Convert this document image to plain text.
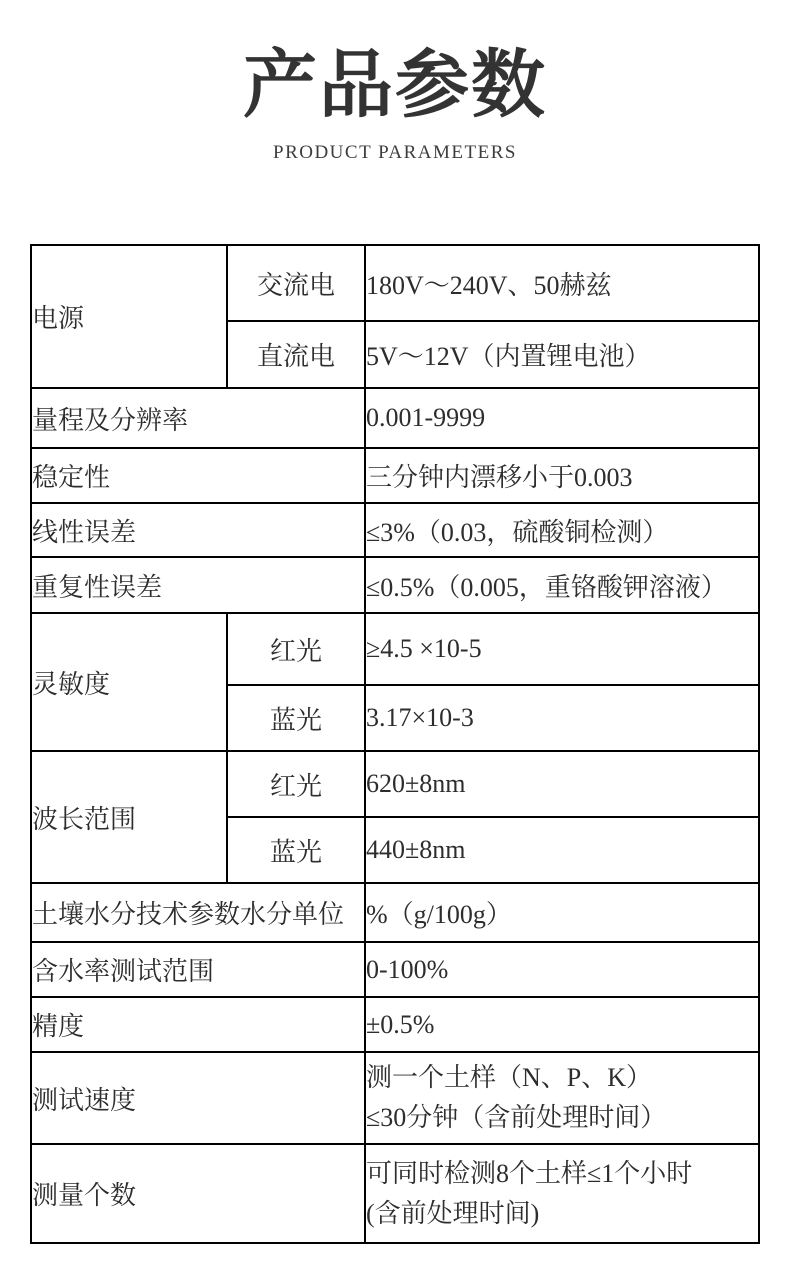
产品参数
PRODUCT PARAMETERS
电源	交流电	180V～240V、50赫兹
	直流电	5V～12V（内置锂电池）
量程及分辨率		0.001-9999
稳定性		三分钟内漂移小于0.003
线性误差		≤3%（0.03，硫酸铜检测）
重复性误差		≤0.5%（0.005，重铬酸钾溶液）
灵敏度	红光	≥4.5 ×10-5
	蓝光	3.17×10-3
波长范围	红光	620±8nm
	蓝光	440±8nm
土壤水分技术参数水分单位		%（g/100g）
含水率测试范围		0-100%
精度		±0.5%
测试速度		测一个土样（N、P、K）
≤30分钟（含前处理时间）

测量个数		可同时检测8个土样≤1个小时
(含前处理时间)
